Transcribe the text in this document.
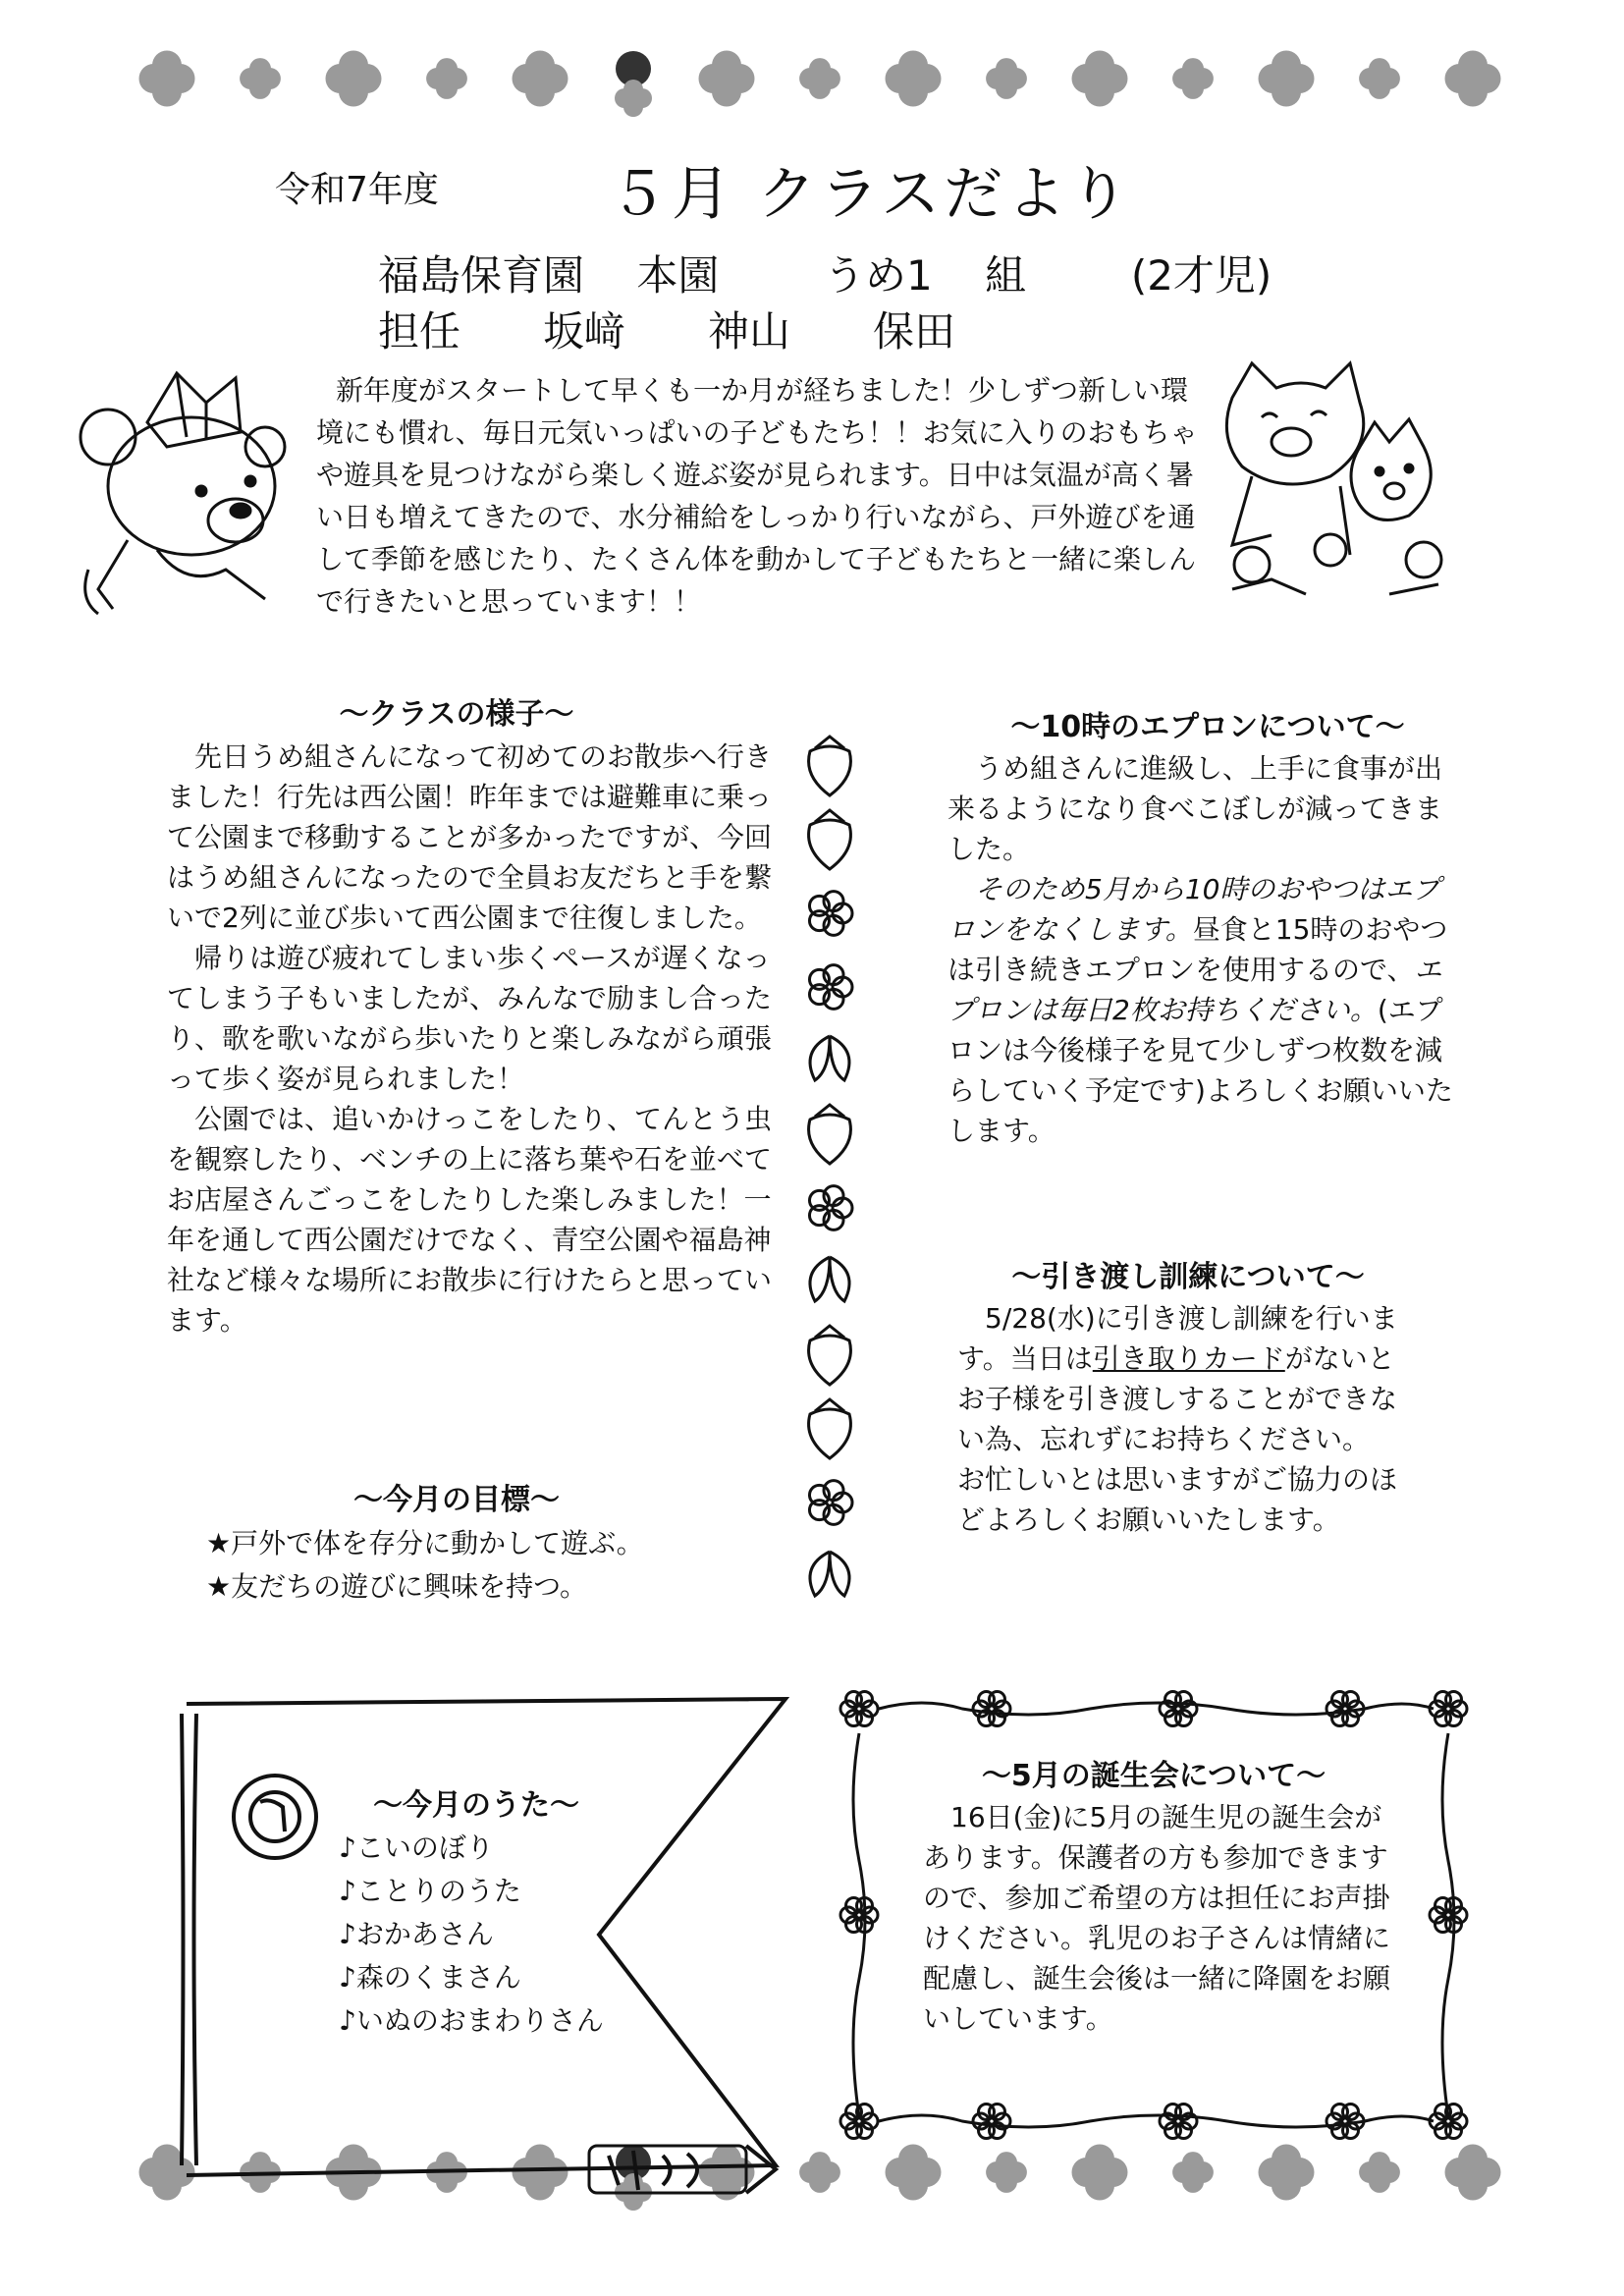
令和7年度	５月 クラスだより
福島保育園 本園  うめ1 組  (2才児)
担任　　坂﨑　　神山　　保田
新年度がスタートして早くも一か月が経ちました！少しずつ新しい環境にも慣れ、毎日元気いっぱいの子どもたち！！お気に入りのおもちゃや遊具を見つけながら楽しく遊ぶ姿が見られます。日中は気温が高く暑い日も増えてきたので、水分補給をしっかり行いながら、戸外遊びを通して季節を感じたり、たくさん体を動かして子どもたちと一緒に楽しんで行きたいと思っています！！
〜クラスの様子〜

先日うめ組さんになって初めてのお散歩へ行きました！行先は西公園！昨年までは避難車に乗って公園まで移動することが多かったですが、今回はうめ組さんになったので全員お友だちと手を繋いで2列に並び歩いて西公園まで往復しました。

帰りは遊び疲れてしまい歩くペースが遅くなってしまう子もいましたが、みんなで励まし合ったり、歌を歌いながら歩いたりと楽しみながら頑張って歩く姿が見られました！

公園では、追いかけっこをしたり、てんとう虫を観察したり、ベンチの上に落ち葉や石を並べてお店屋さんごっこをしたりした楽しみました！一年を通して西公園だけでなく、青空公園や福島神社など様々な場所にお散歩に行けたらと思っています。

〜今月の目標〜
★戸外で体を存分に動かして遊ぶ。
★友だちの遊びに興味を持つ。
〜10時のエプロンについて〜

うめ組さんに進級し、上手に食事が出来るようになり食べこぼしが減ってきました。

そのため5月から10時のおやつはエプロンをなくします。昼食と15時のおやつは引き続きエプロンを使用するので、エプロンは毎日2枚お持ちください。(エプロンは今後様子を見て少しずつ枚数を減らしていく予定です)よろしくお願いいたします。

〜引き渡し訓練について〜

5/28(水)に引き渡し訓練を行います。当日は引き取りカードがないとお子様を引き渡しすることができない為、忘れずにお持ちください。

お忙しいとは思いますがご協力のほどよろしくお願いいたします。

〜今月のうた〜
♪こいのぼり
♪ことりのうた
♪おかあさん
♪森のくまさん
♪いぬのおまわりさん
〜5月の誕生会について〜

16日(金)に5月の誕生児の誕生会があります。保護者の方も参加できますので、参加ご希望の方は担任にお声掛けください。乳児のお子さんは情緒に配慮し、誕生会後は一緒に降園をお願いしています。
